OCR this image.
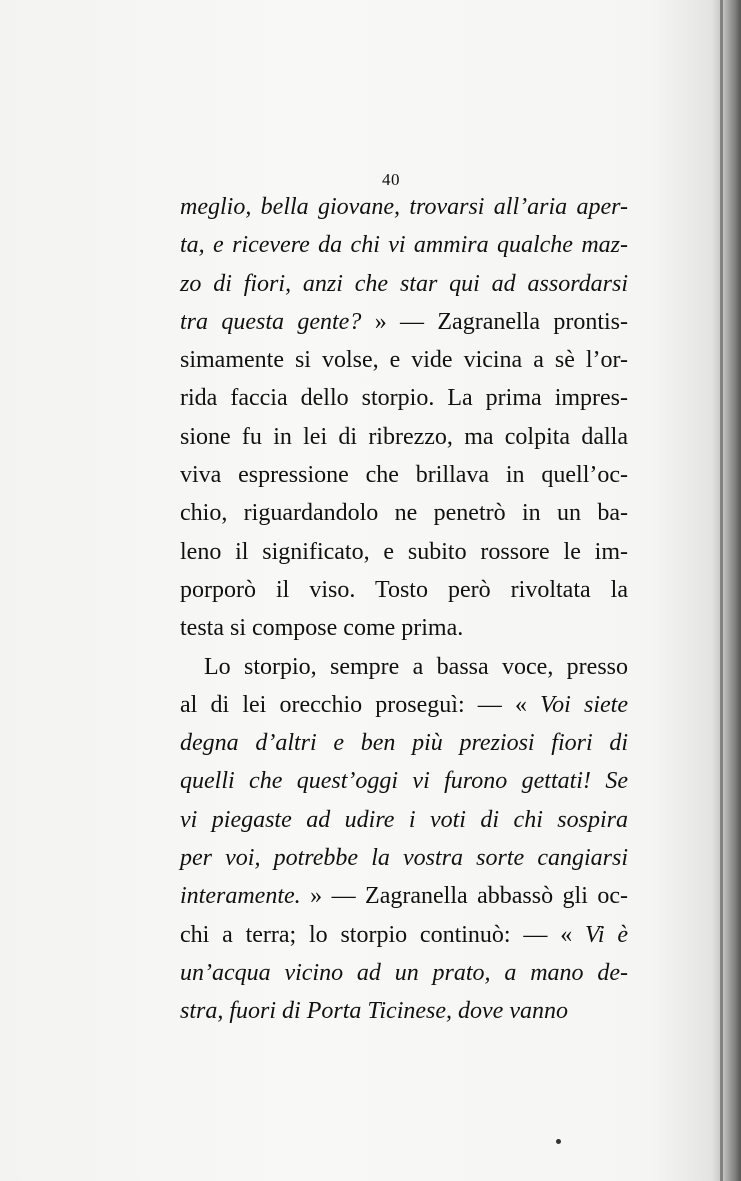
40
meglio, bella giovane, trovarsi all’aria aper-
ta, e ricevere da chi vi ammira qualche maz-
zo di fiori, anzi che star qui ad assordarsi
tra questa gente? » — Zagranella prontis-
simamente si volse, e vide vicina a sè l’or-
rida faccia dello storpio. La prima impres-
sione fu in lei di ribrezzo, ma colpita dalla
viva espressione che brillava in quell’oc-
chio, riguardandolo ne penetrò in un ba-
leno il significato, e subito rossore le im-
porporò il viso. Tosto però rivoltata la
testa si compose come prima.
Lo storpio, sempre a bassa voce, presso
al di lei orecchio proseguì: — « Voi siete
degna d’altri e ben più preziosi fiori di
quelli che quest’oggi vi furono gettati! Se
vi piegaste ad udire i voti di chi sospira
per voi, potrebbe la vostra sorte cangiarsi
interamente. » — Zagranella abbassò gli oc-
chi a terra; lo storpio continuò: — « Vi è
un’acqua vicino ad un prato, a mano de-
stra, fuori di Porta Ticinese, dove vanno
